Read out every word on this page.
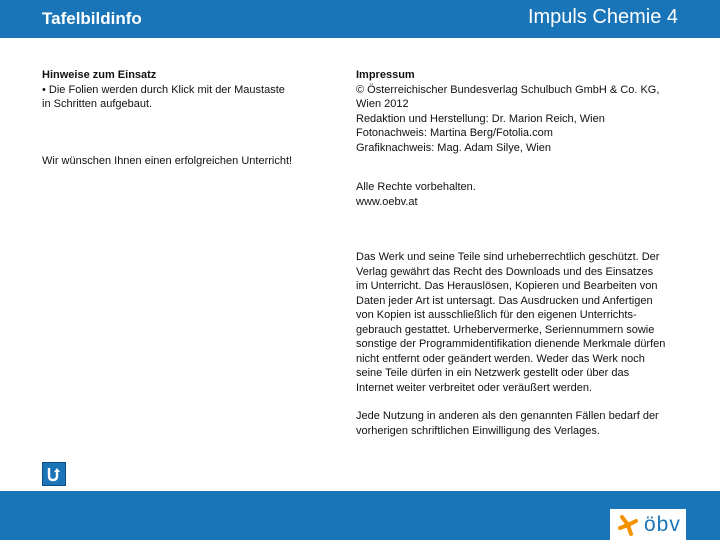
Tafelbildinfo	Impuls Chemie 4
Hinweise zum Einsatz
• Die Folien werden durch Klick mit der Maustaste
in Schritten aufgebaut.
Wir wünschen Ihnen einen erfolgreichen Unterricht!
Impressum
© Österreichischer Bundesverlag Schulbuch GmbH & Co. KG,
Wien 2012
Redaktion und Herstellung: Dr. Marion Reich, Wien
Fotonachweis: Martina Berg/Fotolia.com
Grafiknachweis: Mag. Adam Silye, Wien
Alle Rechte vorbehalten.
www.oebv.at
Das Werk und seine Teile sind urheberrechtlich geschützt. Der
Verlag gewährt das Recht des Downloads und des Einsatzes
im Unterricht. Das Herauslösen, Kopieren und Bearbeiten von
Daten jeder Art ist untersagt. Das Ausdrucken und Anfertigen
von Kopien ist ausschließlich für den eigenen Unterrichts-
gebrauch gestattet. Urhebervermerke, Seriennummern sowie
sonstige der Programmidentifikation dienende Merkmale dürfen
nicht entfernt oder geändert werden. Weder das Werk noch
seine Teile dürfen in ein Netzwerk gestellt oder über das
Internet weiter verbreitet oder veräußert werden.
Jede Nutzung in anderen als den genannten Fällen bedarf der
vorherigen schriftlichen Einwilligung des Verlages.
öbv
